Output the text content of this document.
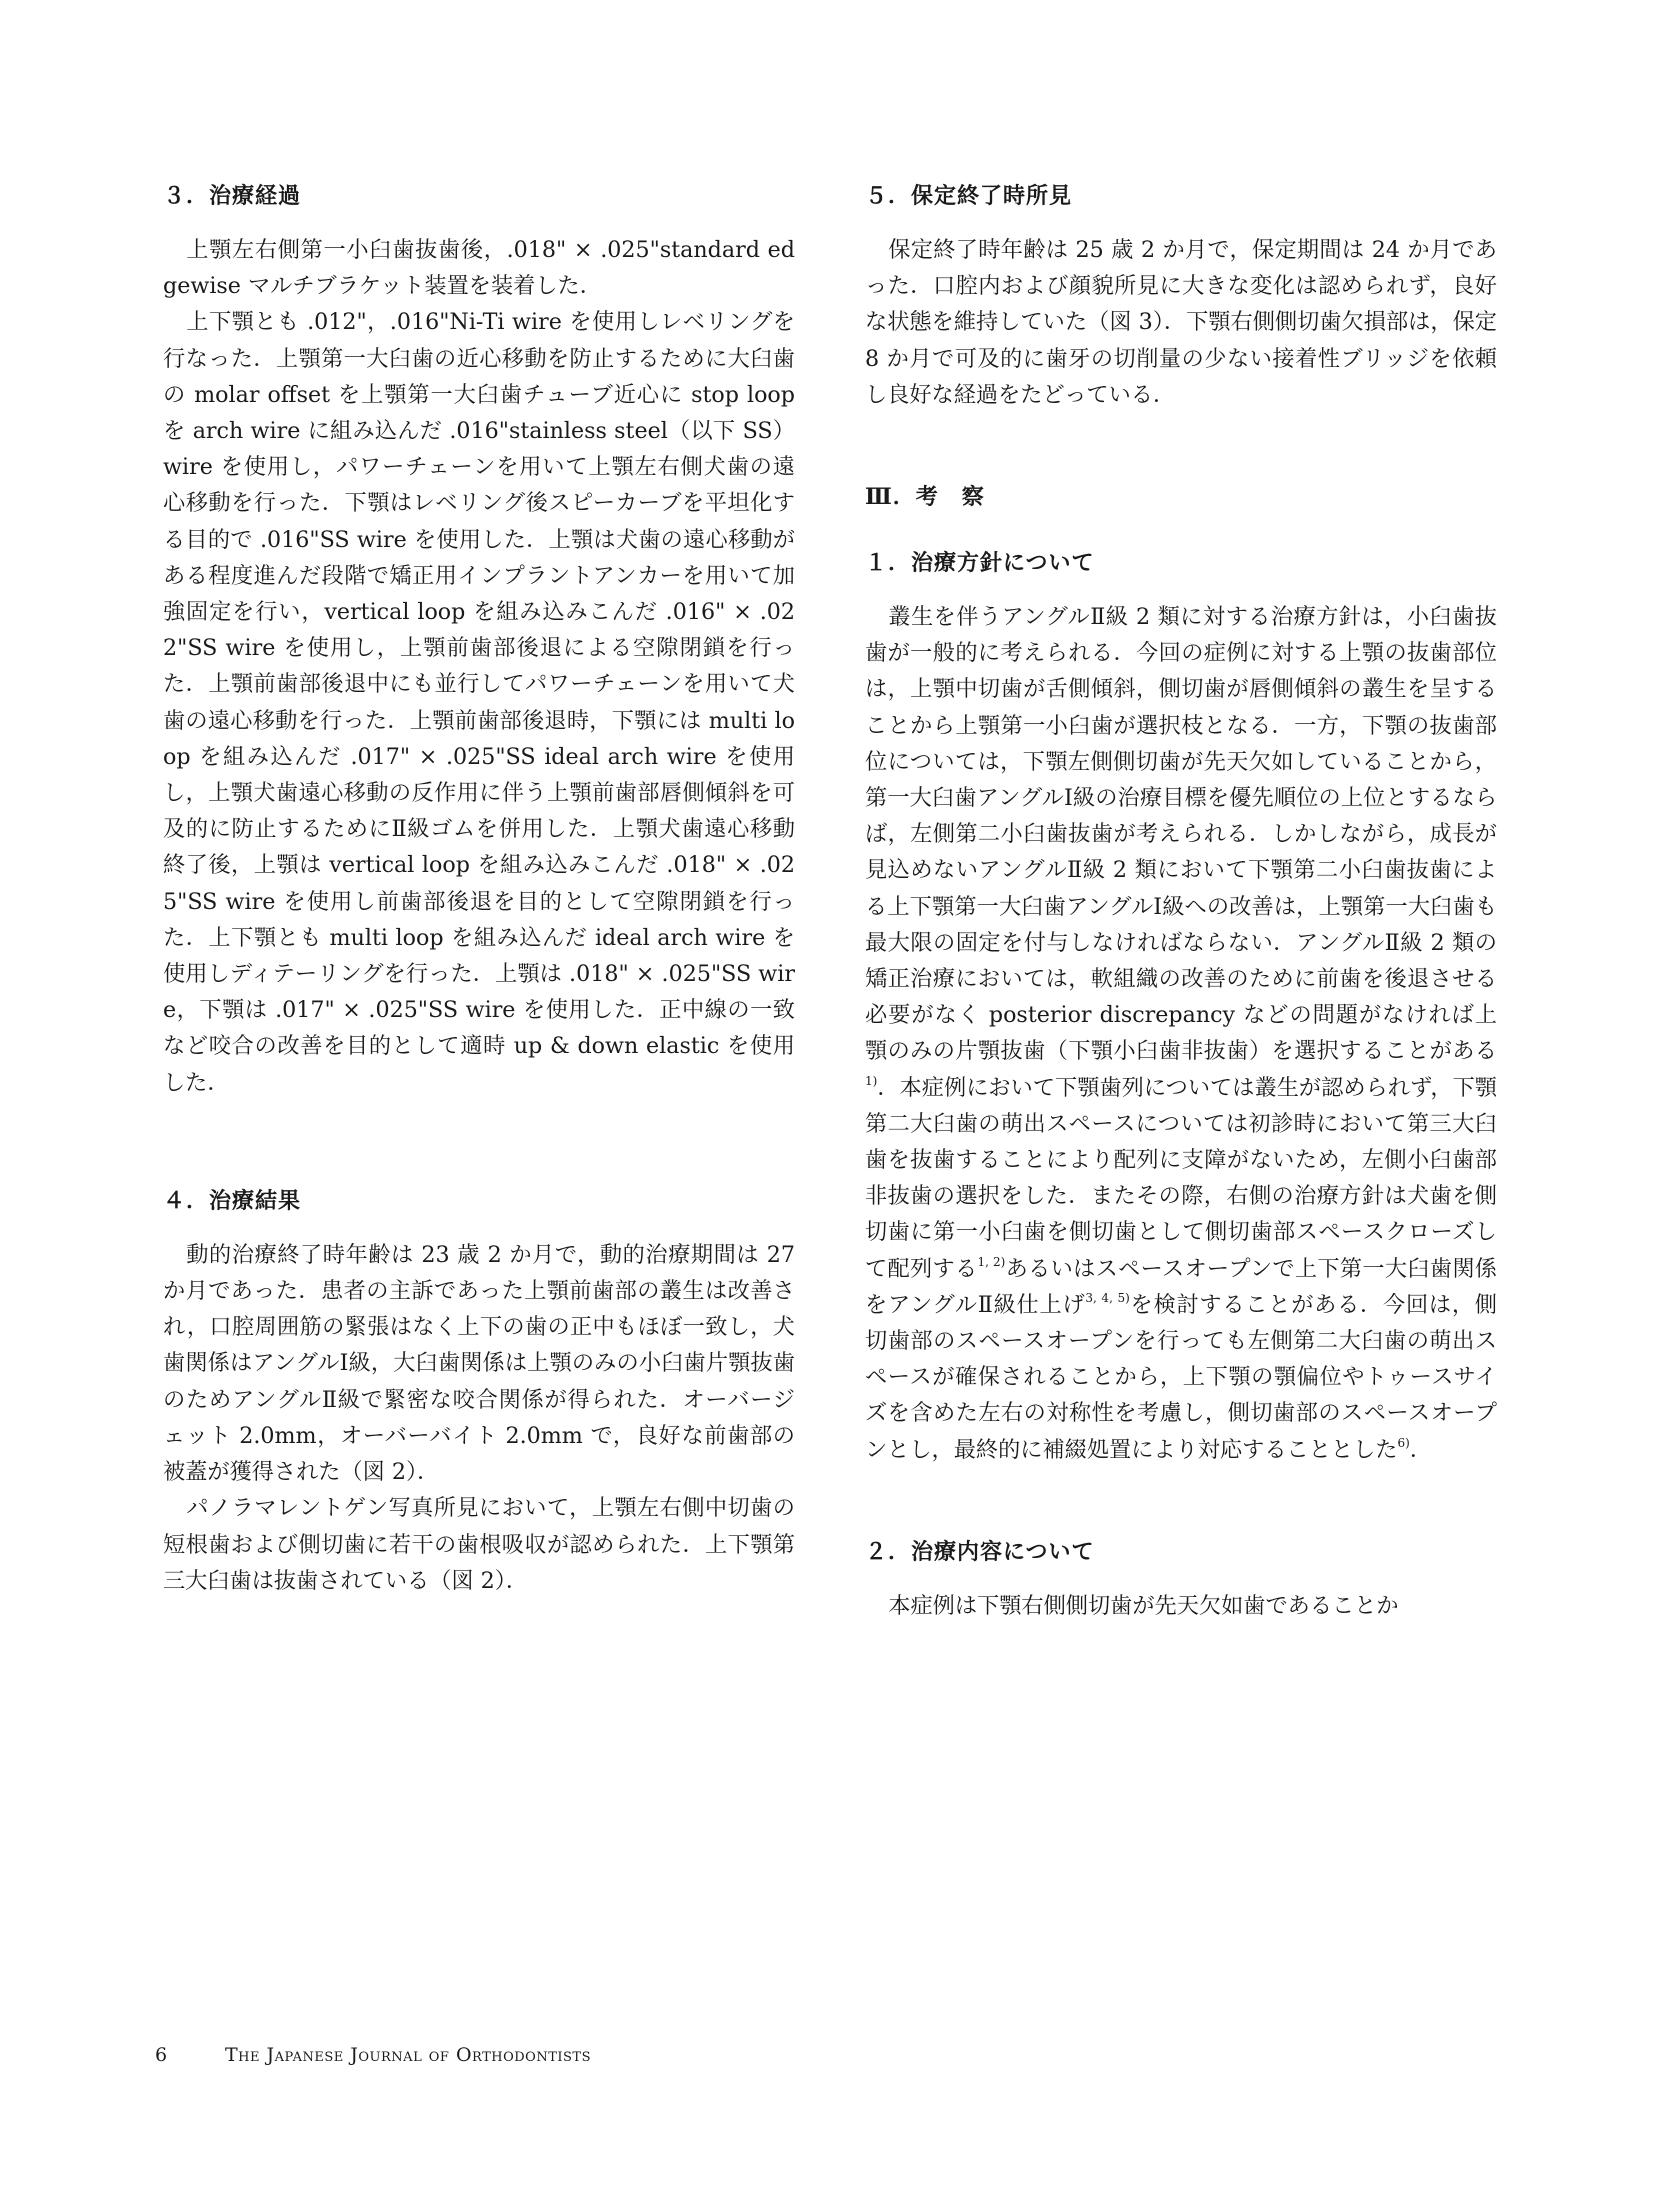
３．治療経過

上顎左右側第一小臼歯抜歯後，.018" × .025"standard edgewise マルチブラケット装置を装着した．

上下顎とも .012"，.016"Ni-Ti wire を使用しレベリングを行なった．上顎第一大臼歯の近心移動を防止するために大臼歯の molar offset を上顎第一大臼歯チューブ近心に stop loop を arch wire に組み込んだ .016"stainless steel（以下 SS）wire を使用し，パワーチェーンを用いて上顎左右側犬歯の遠心移動を行った．下顎はレベリング後スピーカーブを平坦化する目的で .016"SS wire を使用した．上顎は犬歯の遠心移動がある程度進んだ段階で矯正用インプラントアンカーを用いて加強固定を行い，vertical loop を組み込みこんだ .016" × .022"SS wire を使用し，上顎前歯部後退による空隙閉鎖を行った．上顎前歯部後退中にも並行してパワーチェーンを用いて犬歯の遠心移動を行った．上顎前歯部後退時，下顎には multi loop を組み込んだ .017" × .025"SS ideal arch wire を使用し，上顎犬歯遠心移動の反作用に伴う上顎前歯部唇側傾斜を可及的に防止するためにⅡ級ゴムを併用した．上顎犬歯遠心移動終了後，上顎は vertical loop を組み込みこんだ .018" × .025"SS wire を使用し前歯部後退を目的として空隙閉鎖を行った．上下顎とも multi loop を組み込んだ ideal arch wire を使用しディテーリングを行った．上顎は .018" × .025"SS wire，下顎は .017" × .025"SS wire を使用した．正中線の一致など咬合の改善を目的として適時 up & down elastic を使用した．

４．治療結果

動的治療終了時年齢は 23 歳 2 か月で，動的治療期間は 27 か月であった．患者の主訴であった上顎前歯部の叢生は改善され，口腔周囲筋の緊張はなく上下の歯の正中もほぼ一致し，犬歯関係はアングルⅠ級，大臼歯関係は上顎のみの小臼歯片顎抜歯のためアングルⅡ級で緊密な咬合関係が得られた．オーバージェット 2.0mm，オーバーバイト 2.0mm で，良好な前歯部の被蓋が獲得された（図 2）．

パノラマレントゲン写真所見において，上顎左右側中切歯の短根歯および側切歯に若干の歯根吸収が認められた．上下顎第三大臼歯は抜歯されている（図 2）．

５．保定終了時所見

保定終了時年齢は 25 歳 2 か月で，保定期間は 24 か月であった．口腔内および顔貌所見に大きな変化は認められず，良好な状態を維持していた（図 3）．下顎右側側切歯欠損部は，保定 8 か月で可及的に歯牙の切削量の少ない接着性ブリッジを依頼し良好な経過をたどっている．

Ⅲ．考　察
１．治療方針について

叢生を伴うアングルⅡ級 2 類に対する治療方針は，小臼歯抜歯が一般的に考えられる．今回の症例に対する上顎の抜歯部位は，上顎中切歯が舌側傾斜，側切歯が唇側傾斜の叢生を呈することから上顎第一小臼歯が選択枝となる．一方，下顎の抜歯部位については，下顎左側側切歯が先天欠如していることから，第一大臼歯アングルⅠ級の治療目標を優先順位の上位とするならば，左側第二小臼歯抜歯が考えられる．しかしながら，成長が見込めないアングルⅡ級 2 類において下顎第二小臼歯抜歯による上下顎第一大臼歯アングルⅠ級への改善は，上顎第一大臼歯も最大限の固定を付与しなければならない．アングルⅡ級 2 類の矯正治療においては，軟組織の改善のために前歯を後退させる必要がなく posterior discrepancy などの問題がなければ上顎のみの片顎抜歯（下顎小臼歯非抜歯）を選択することがある$^{1)}$．本症例において下顎歯列については叢生が認められず，下顎第二大臼歯の萌出スペースについては初診時において第三大臼歯を抜歯することにより配列に支障がないため，左側小臼歯部非抜歯の選択をした．またその際，右側の治療方針は犬歯を側切歯に第一小臼歯を側切歯として側切歯部スペースクローズして配列する$^{1, 2)}$あるいはスペースオープンで上下第一大臼歯関係をアングルⅡ級仕上げ$^{3, 4, 5)}$を検討することがある．今回は，側切歯部のスペースオープンを行っても左側第二大臼歯の萌出スペースが確保されることから，上下顎の顎偏位やトゥースサイズを含めた左右の対称性を考慮し，側切歯部のスペースオープンとし，最終的に補綴処置により対応することとした$^{6)}$．

２．治療内容について

本症例は下顎右側側切歯が先天欠如歯であることか

6	The Japanese Journal of Orthodontists
